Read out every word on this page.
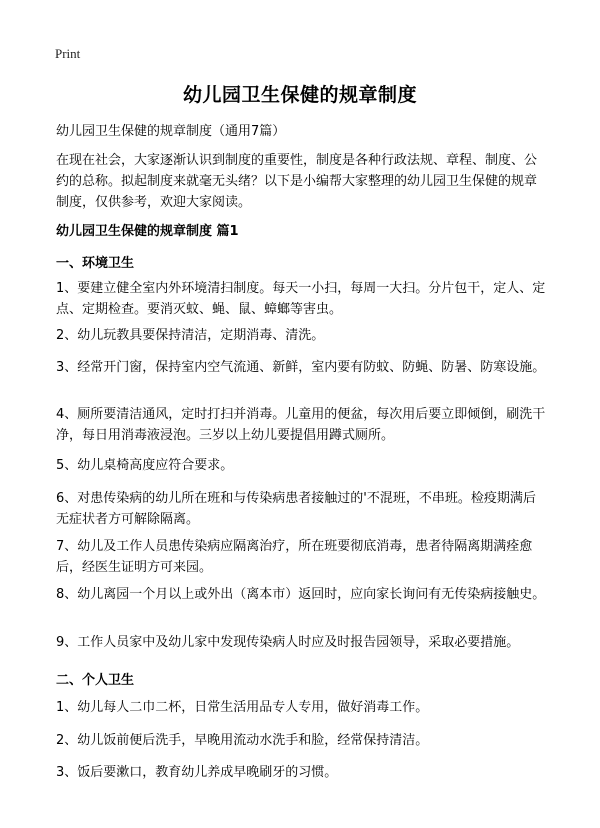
Print
幼儿园卫生保健的规章制度
幼儿园卫生保健的规章制度（通用7篇）

在现在社会，大家逐渐认识到制度的重要性，制度是各种行政法规、章程、制度、公约的总称。拟起制度来就毫无头绪？以下是小编帮大家整理的幼儿园卫生保健的规章制度，仅供参考，欢迎大家阅读。

幼儿园卫生保健的规章制度 篇1
一、环境卫生

1、要建立健全室内外环境清扫制度。每天一小扫，每周一大扫。分片包干，定人、定点、定期检查。要消灭蚊、蝇、鼠、蟑螂等害虫。

2、幼儿玩教具要保持清洁，定期消毒、清洗。

3、经常开门窗，保持室内空气流通、新鲜，室内要有防蚊、防蝇、防暑、防寒设施。

4、厕所要清洁通风，定时打扫并消毒。儿童用的便盆，每次用后要立即倾倒，刷洗干净，每日用消毒液浸泡。三岁以上幼儿要提倡用蹲式厕所。

5、幼儿桌椅高度应符合要求。

6、对患传染病的幼儿所在班和与传染病患者接触过的'不混班，不串班。检疫期满后无症状者方可解除隔离。

7、幼儿及工作人员患传染病应隔离治疗，所在班要彻底消毒，患者待隔离期满痊愈后，经医生证明方可来园。

8、幼儿离园一个月以上或外出（离本市）返回时，应向家长询问有无传染病接触史。

9、工作人员家中及幼儿家中发现传染病人时应及时报告园领导，采取必要措施。

二、个人卫生

1、幼儿每人二巾二杯，日常生活用品专人专用，做好消毒工作。

2、幼儿饭前便后洗手，早晚用流动水洗手和脸，经常保持清洁。

3、饭后要漱口，教育幼儿养成早晚刷牙的习惯。
